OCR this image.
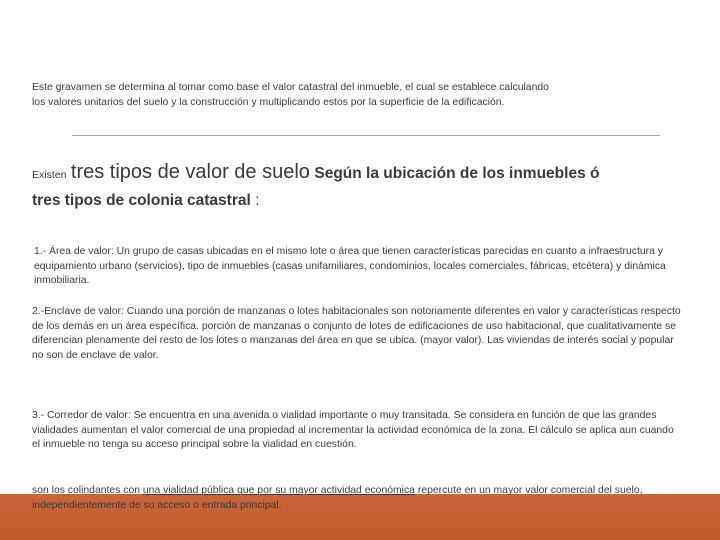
Este gravamen se determina al tomar como base el valor catastral del inmueble, el cual se establece calculando
los valores unitarios del suelo y la construcción y multiplicando estos por la superficie de la edificación.
Existen tres tipos de valor de suelo Según la ubicación de los inmuebles ó
tres tipos de colonia catastral :
1.- Área de valor: Un grupo de casas ubicadas en el mismo lote o área que tienen características parecidas en cuanto a infraestructura y equipamiento urbano (servicios), tipo de inmuebles (casas unifamiliares, condominios, locales comerciales, fábricas, etcétera) y dinámica inmobiliaria.
2.-Enclave de valor: Cuando una porción de manzanas o lotes habitacionales son notoriamente diferentes en valor y características respecto de los demás en un área específica. porción de manzanas o conjunto de lotes de edificaciones de uso habitacional, que cualitativamente se diferencian plenamente del resto de los lotes o manzanas del área en que se ubica. (mayor valor). Las viviendas de interés social y popular no son de enclave de valor.
3.- Corredor de valor: Se encuentra en una avenida o vialidad importante o muy transitada. Se considera en función de que las grandes vialidades aumentan el valor comercial de una propiedad al incrementar la actividad económica de la zona. El cálculo se aplica aun cuando el inmueble no tenga su acceso principal sobre la vialidad en cuestión.
son los colindantes con una vialidad pública que por su mayor actividad económica repercute en un mayor valor comercial del suelo, independientemente de su acceso o entrada principal.
